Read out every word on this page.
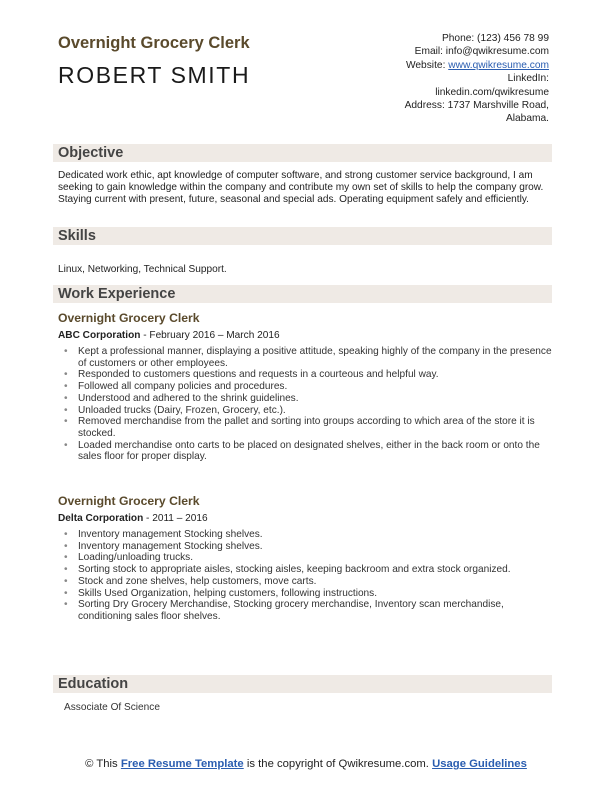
Overnight Grocery Clerk
ROBERT SMITH
Phone: (123) 456 78 99
Email: info@qwikresume.com
Website: www.qwikresume.com
LinkedIn:
linkedin.com/qwikresume
Address: 1737 Marshville Road,
Alabama.
Objective
Dedicated work ethic, apt knowledge of computer software, and strong customer service background, I am seeking to gain knowledge within the company and contribute my own set of skills to help the company grow. Staying current with present, future, seasonal and special ads. Operating equipment safely and efficiently.
Skills
Linux, Networking, Technical Support.
Work Experience
Overnight Grocery Clerk
ABC Corporation - February 2016 – March 2016
• Kept a professional manner, displaying a positive attitude, speaking highly of the company in the presence of customers or other employees.
• Responded to customers questions and requests in a courteous and helpful way.
• Followed all company policies and procedures.
• Understood and adhered to the shrink guidelines.
• Unloaded trucks (Dairy, Frozen, Grocery, etc.).
• Removed merchandise from the pallet and sorting into groups according to which area of the store it is stocked.
• Loaded merchandise onto carts to be placed on designated shelves, either in the back room or onto the sales floor for proper display.
Overnight Grocery Clerk
Delta Corporation - 2011 – 2016
• Inventory management Stocking shelves.
• Inventory management Stocking shelves.
• Loading/unloading trucks.
• Sorting stock to appropriate aisles, stocking aisles, keeping backroom and extra stock organized.
• Stock and zone shelves, help customers, move carts.
• Skills Used Organization, helping customers, following instructions.
• Sorting Dry Grocery Merchandise, Stocking grocery merchandise, Inventory scan merchandise, conditioning sales floor shelves.
Education
Associate Of Science
© This Free Resume Template is the copyright of Qwikresume.com. Usage Guidelines
